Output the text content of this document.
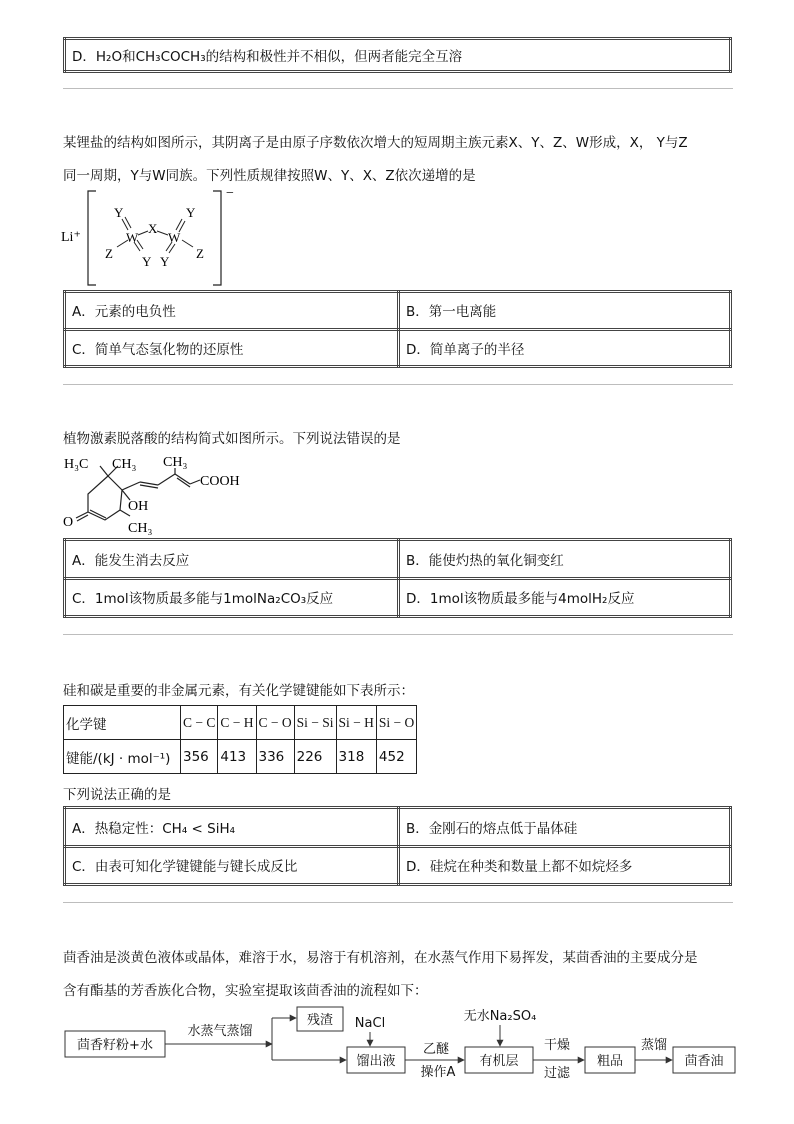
D．H₂O和CH₃COCH₃的结构和极性并不相似，但两者能完全互溶
某锂盐的结构如图所示，其阴离子是由原子序数依次增大的短周期主族元素X、Y、Z、W形成，X， Y与Z
同一周期，Y与W同族。下列性质规律按照W、Y、X、Z依次递增的是
Li⁺
−
Y	Y
W
X
W
Z
Y Y
Z
A．元素的电负性	B．第一电离能
C．简单气态氢化物的还原性	D．简单离子的半径
植物激素脱落酸的结构简式如图所示。下列说法错误的是
H₃C CH₃ CH₃
COOH
OH
O	CH₃
A．能发生消去反应	B．能使灼热的氧化铜变红
C．1mol该物质最多能与1molNa₂CO₃反应	D．1mol该物质最多能与4molH₂反应
硅和碳是重要的非金属元素，有关化学键键能如下表所示：
化学键	C − C	C − H	C − O	Si − Si	Si − H	Si − O
键能/(kJ · mol⁻¹)	356	413	336	226	318	452
下列说法正确的是
A．热稳定性：CH₄ < SiH₄	B．金刚石的熔点低于晶体硅
C．由表可知化学键键能与键长成反比	D．硅烷在种类和数量上都不如烷烃多
茴香油是淡黄色液体或晶体，难溶于水，易溶于有机溶剂，在水蒸气作用下易挥发，某茴香油的主要成分是
含有酯基的芳香族化合物，实验室提取该茴香油的流程如下：
茴香籽粉+水
水蒸气蒸馏
残渣 NaCl
馏出液
乙醚
操作A
无水Na₂SO₄
有机层
干燥
过滤
粗品
蒸馏
茴香油
